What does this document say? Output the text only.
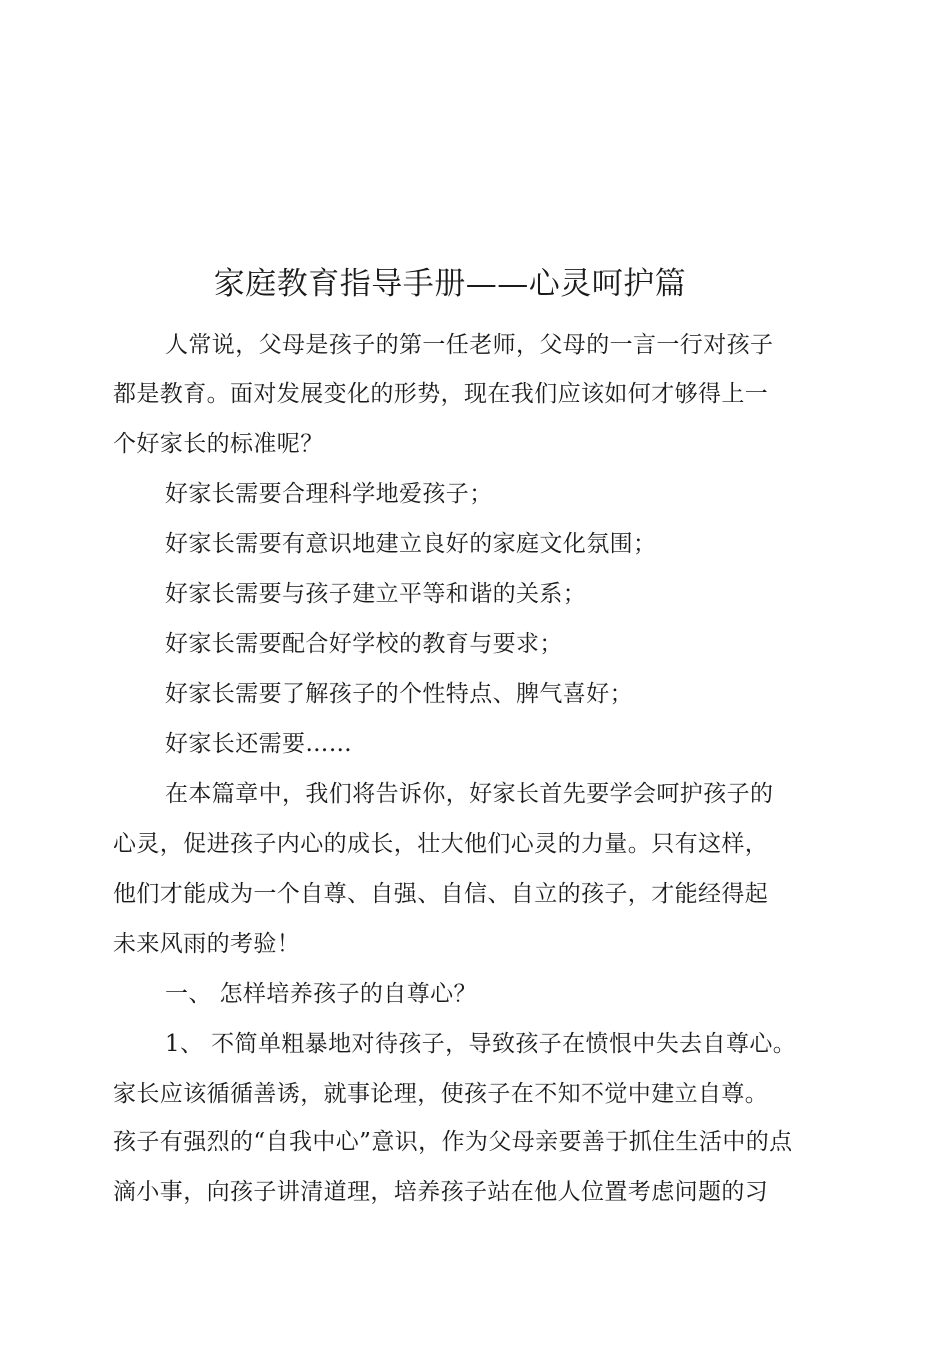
家庭教育指导手册——心灵呵护篇
人常说，父母是孩子的第一任老师，父母的一言一行对孩子
都是教育。面对发展变化的形势，现在我们应该如何才够得上一
个好家长的标准呢？
好家长需要合理科学地爱孩子；
好家长需要有意识地建立良好的家庭文化氛围；
好家长需要与孩子建立平等和谐的关系；
好家长需要配合好学校的教育与要求；
好家长需要了解孩子的个性特点、脾气喜好；
好家长还需要……
在本篇章中，我们将告诉你，好家长首先要学会呵护孩子的
心灵，促进孩子内心的成长，壮大他们心灵的力量。只有这样，
他们才能成为一个自尊、自强、自信、自立的孩子，才能经得起
未来风雨的考验！
一、 怎样培养孩子的自尊心？
1、 不简单粗暴地对待孩子，导致孩子在愤恨中失去自尊心。
家长应该循循善诱，就事论理，使孩子在不知不觉中建立自尊。
孩子有强烈的“自我中心”意识，作为父母亲要善于抓住生活中的点
滴小事，向孩子讲清道理，培养孩子站在他人位置考虑问题的习
